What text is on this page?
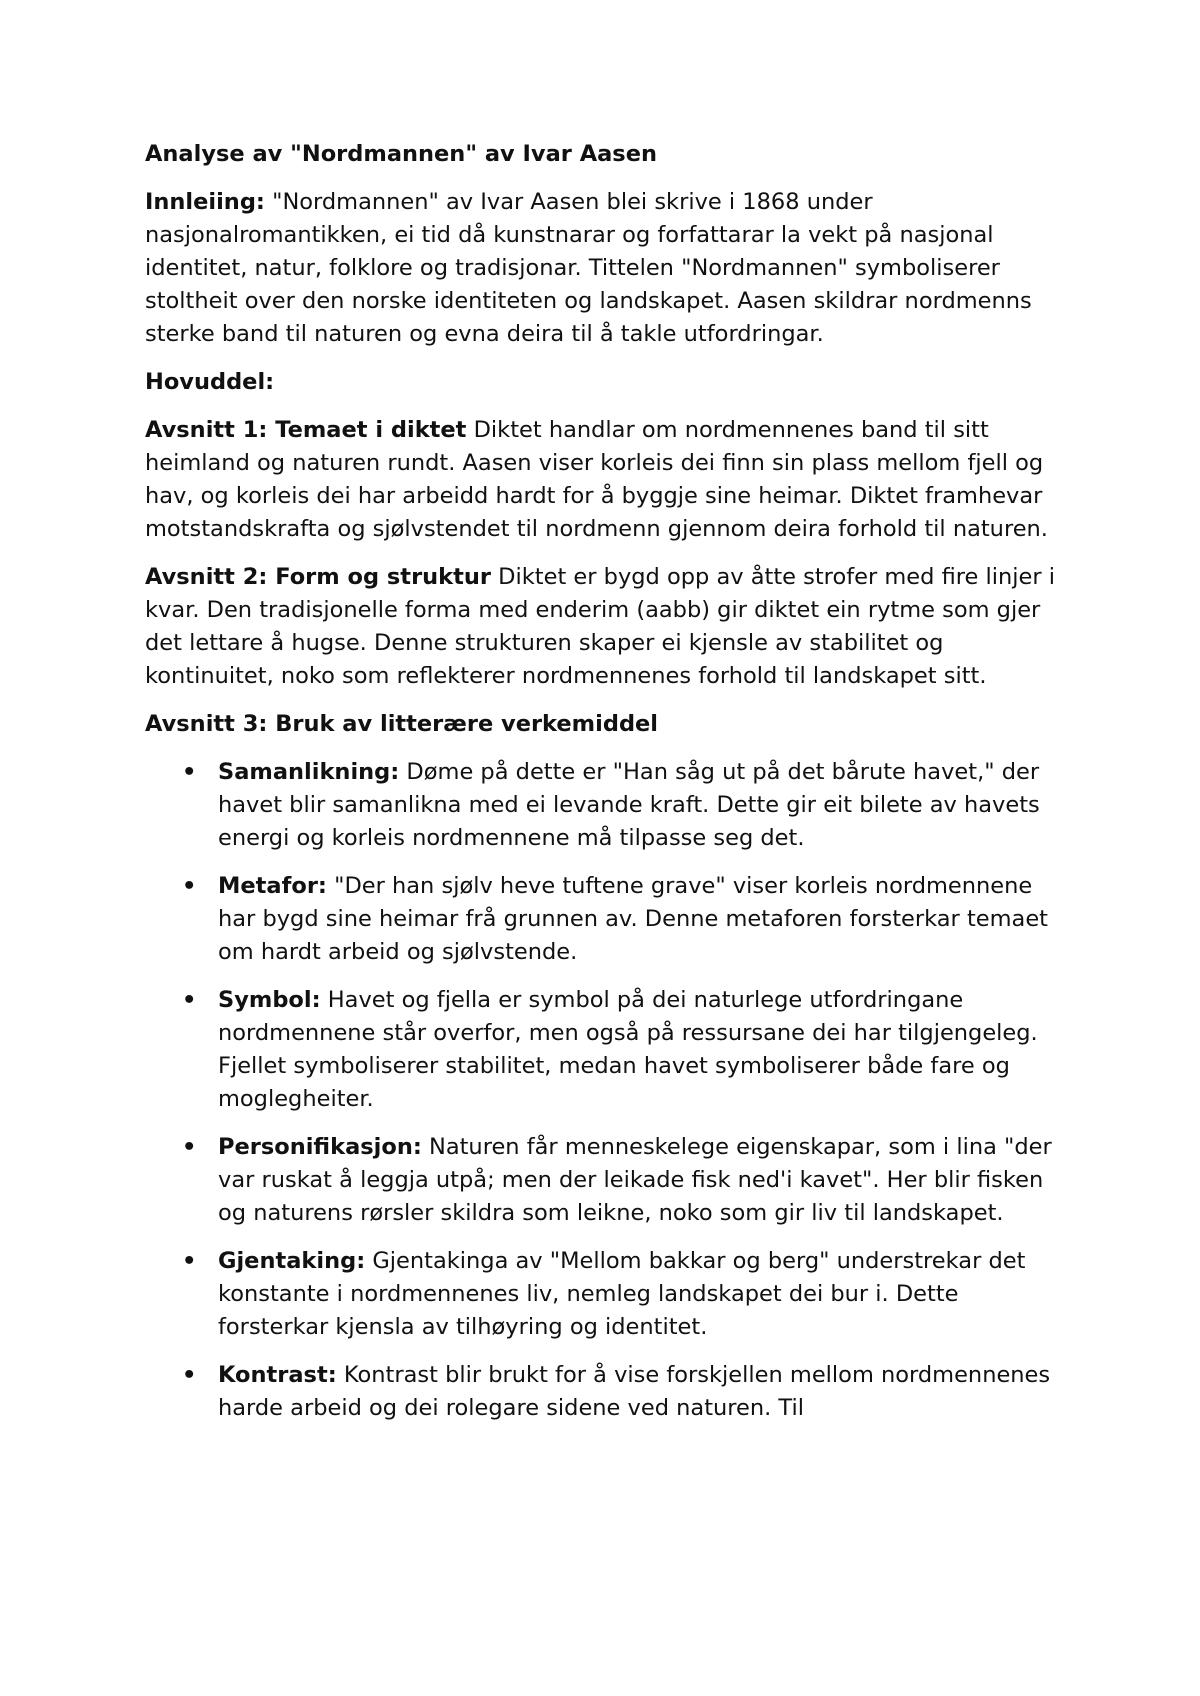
Analyse av "Nordmannen" av Ivar Aasen

Innleiing: "Nordmannen" av Ivar Aasen blei skrive i 1868 under nasjonalromantikken, ei tid då kunstnarar og forfattarar la vekt på nasjonal identitet, natur, folklore og tradisjonar. Tittelen "Nordmannen" symboliserer stoltheit over den norske identiteten og landskapet. Aasen skildrar nordmenns sterke band til naturen og evna deira til å takle utfordringar.

Hovuddel:

Avsnitt 1: Temaet i diktet Diktet handlar om nordmennenes band til sitt heimland og naturen rundt. Aasen viser korleis dei finn sin plass mellom fjell og hav, og korleis dei har arbeidd hardt for å byggje sine heimar. Diktet framhevar motstandskrafta og sjølvstendet til nordmenn gjennom deira forhold til naturen.

Avsnitt 2: Form og struktur Diktet er bygd opp av åtte strofer med fire linjer i kvar. Den tradisjonelle forma med enderim (aabb) gir diktet ein rytme som gjer det lettare å hugse. Denne strukturen skaper ei kjensle av stabilitet og kontinuitet, noko som reflekterer nordmennenes forhold til landskapet sitt.

Avsnitt 3: Bruk av litterære verkemiddel

• Samanlikning: Døme på dette er "Han såg ut på det bårute havet," der havet blir samanlikna med ei levande kraft. Dette gir eit bilete av havets energi og korleis nordmennene må tilpasse seg det.
• Metafor: "Der han sjølv heve tuftene grave" viser korleis nordmennene har bygd sine heimar frå grunnen av. Denne metaforen forsterkar temaet om hardt arbeid og sjølvstende.
• Symbol: Havet og fjella er symbol på dei naturlege utfordringane nordmennene står overfor, men også på ressursane dei har tilgjengeleg. Fjellet symboliserer stabilitet, medan havet symboliserer både fare og moglegheiter.
• Personifikasjon: Naturen får menneskelege eigenskapar, som i lina "der var ruskat å leggja utpå; men der leikade fisk ned'i kavet". Her blir fisken og naturens rørsler skildra som leikne, noko som gir liv til landskapet.
• Gjentaking: Gjentakinga av "Mellom bakkar og berg" understrekar det konstante i nordmennenes liv, nemleg landskapet dei bur i. Dette forsterkar kjensla av tilhøyring og identitet.
• Kontrast: Kontrast blir brukt for å vise forskjellen mellom nordmennenes harde arbeid og dei rolegare sidene ved naturen. Til
